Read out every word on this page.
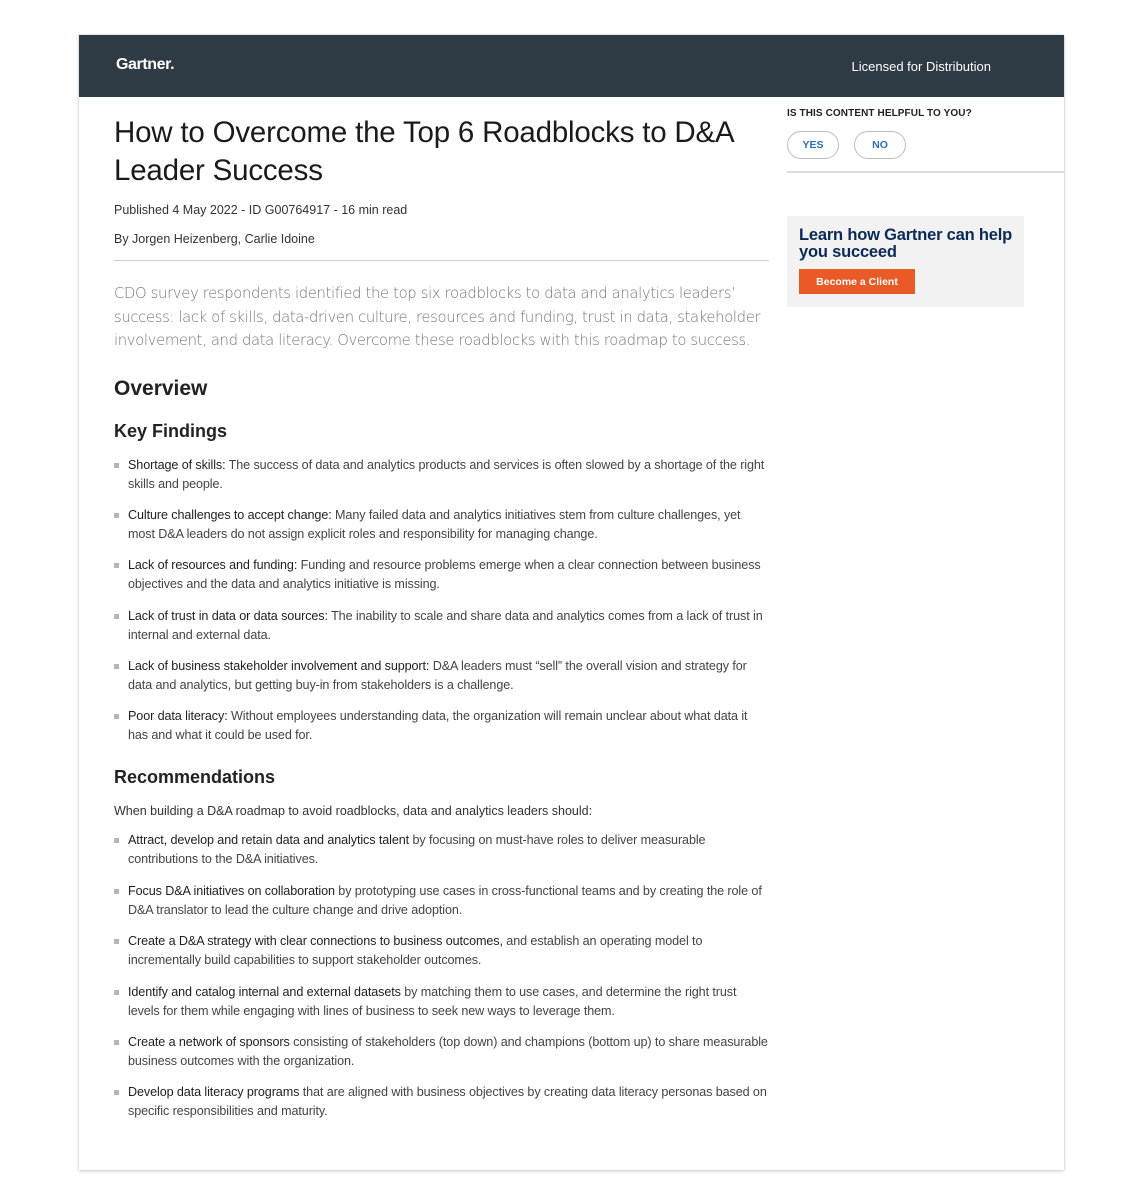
Gartner.	Licensed for Distribution
How to Overcome the Top 6 Roadblocks to D&A Leader Success
Published 4 May 2022 - ID G00764917 - 16 min read
By Jorgen Heizenberg, Carlie Idoine

CDO survey respondents identified the top six roadblocks to data and analytics leaders’ success: lack of skills, data-driven culture, resources and funding, trust in data, stakeholder involvement, and data literacy. Overcome these roadblocks with this roadmap to success.

Overview
Key Findings
Shortage of skills: The success of data and analytics products and services is often slowed by a shortage of the right skills and people.
Culture challenges to accept change: Many failed data and analytics initiatives stem from culture challenges, yet most D&A leaders do not assign explicit roles and responsibility for managing change.
Lack of resources and funding: Funding and resource problems emerge when a clear connection between business objectives and the data and analytics initiative is missing.
Lack of trust in data or data sources: The inability to scale and share data and analytics comes from a lack of trust in internal and external data.
Lack of business stakeholder involvement and support: D&A leaders must “sell” the overall vision and strategy for data and analytics, but getting buy-in from stakeholders is a challenge.
Poor data literacy: Without employees understanding data, the organization will remain unclear about what data it has and what it could be used for.
Recommendations
When building a D&A roadmap to avoid roadblocks, data and analytics leaders should:
Attract, develop and retain data and analytics talent by focusing on must-have roles to deliver measurable contributions to the D&A initiatives.
Focus D&A initiatives on collaboration by prototyping use cases in cross-functional teams and by creating the role of D&A translator to lead the culture change and drive adoption.
Create a D&A strategy with clear connections to business outcomes, and establish an operating model to incrementally build capabilities to support stakeholder outcomes.
Identify and catalog internal and external datasets by matching them to use cases, and determine the right trust levels for them while engaging with lines of business to seek new ways to leverage them.
Create a network of sponsors consisting of stakeholders (top down) and champions (bottom up) to share measurable business outcomes with the organization.
Develop data literacy programs that are aligned with business objectives by creating data literacy personas based on specific responsibilities and maturity.
IS THIS CONTENT HELPFUL TO YOU?
YES	NO
Learn how Gartner can help you succeed
Become a Client
